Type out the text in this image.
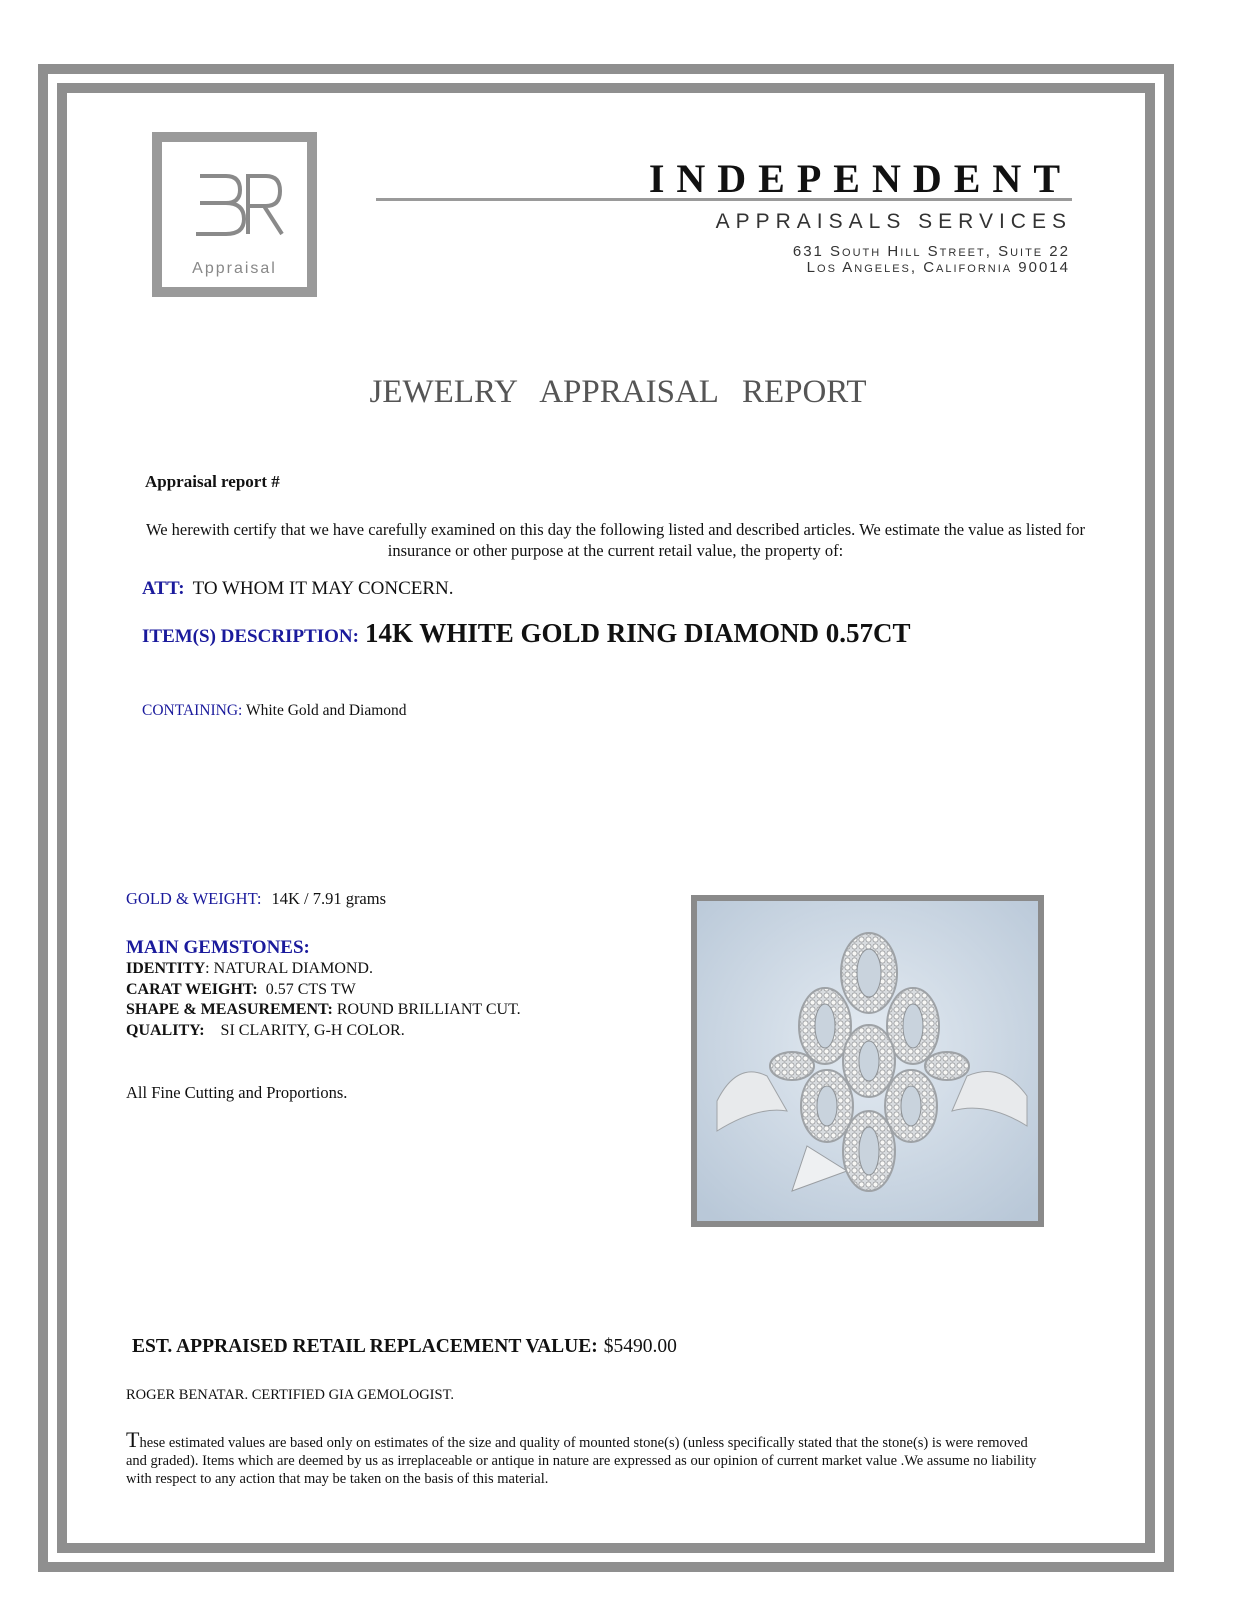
Appraisal
INDEPENDENT
APPRAISALS SERVICES
631 South Hill Street, Suite 22
Los Angeles, California 90014
JEWELRY APPRAISAL REPORT
Appraisal report #
We herewith certify that we have carefully examined on this day the following listed and described articles. We estimate the value as listed for insurance or other purpose at the current retail value, the property of:
ATT: TO WHOM IT MAY CONCERN.
ITEM(S) DESCRIPTION: 14K WHITE GOLD RING DIAMOND 0.57CT
CONTAINING: White Gold and Diamond
GOLD & WEIGHT: 14K / 7.91 grams
MAIN GEMSTONES:
IDENTITY: NATURAL DIAMOND.
CARAT WEIGHT: 0.57 CTS TW
SHAPE & MEASUREMENT: ROUND BRILLIANT CUT.
QUALITY: SI CLARITY, G-H COLOR.
All Fine Cutting and Proportions.
EST. APPRAISED RETAIL REPLACEMENT VALUE: $5490.00
ROGER BENATAR. CERTIFIED GIA GEMOLOGIST.
These estimated values are based only on estimates of the size and quality of mounted stone(s) (unless specifically stated that the stone(s) is were removed and graded). Items which are deemed by us as irreplaceable or antique in nature are expressed as our opinion of current market value .We assume no liability with respect to any action that may be taken on the basis of this material.
